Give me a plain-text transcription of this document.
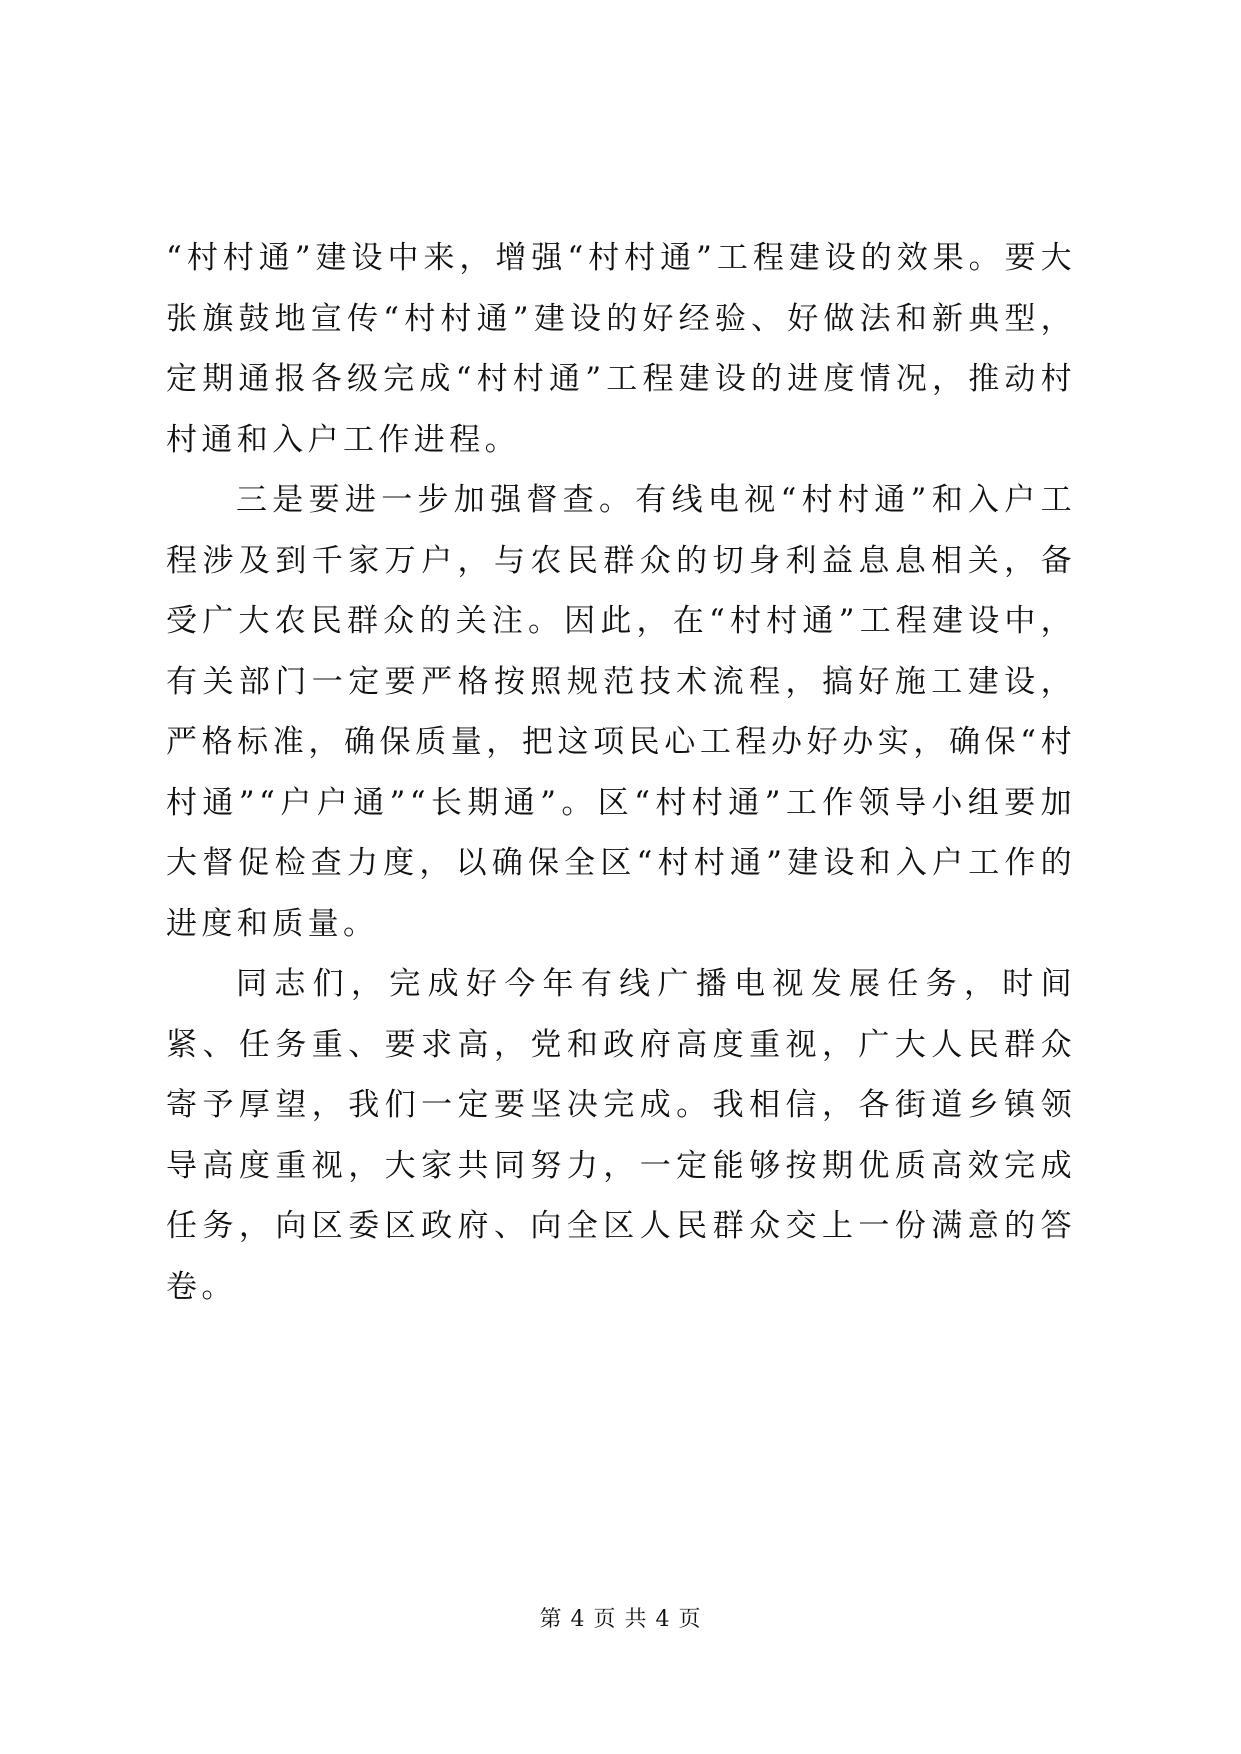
“村村通”建设中来，增强“村村通”工程建设的效果。要大张旗鼓地宣传“村村通”建设的好经验、好做法和新典型，定期通报各级完成“村村通”工程建设的进度情况，推动村村通和入户工作进程。

三是要进一步加强督查。有线电视“村村通”和入户工程涉及到千家万户，与农民群众的切身利益息息相关，备受广大农民群众的关注。因此，在“村村通”工程建设中，有关部门一定要严格按照规范技术流程，搞好施工建设，严格标准，确保质量，把这项民心工程办好办实，确保“村村通”“户户通”“长期通”。区“村村通”工作领导小组要加大督促检查力度，以确保全区“村村通”建设和入户工作的进度和质量。

同志们，完成好今年有线广播电视发展任务，时间紧、任务重、要求高，党和政府高度重视，广大人民群众寄予厚望，我们一定要坚决完成。我相信，各街道乡镇领导高度重视，大家共同努力，一定能够按期优质高效完成任务，向区委区政府、向全区人民群众交上一份满意的答卷。

第 4 页 共 4 页
